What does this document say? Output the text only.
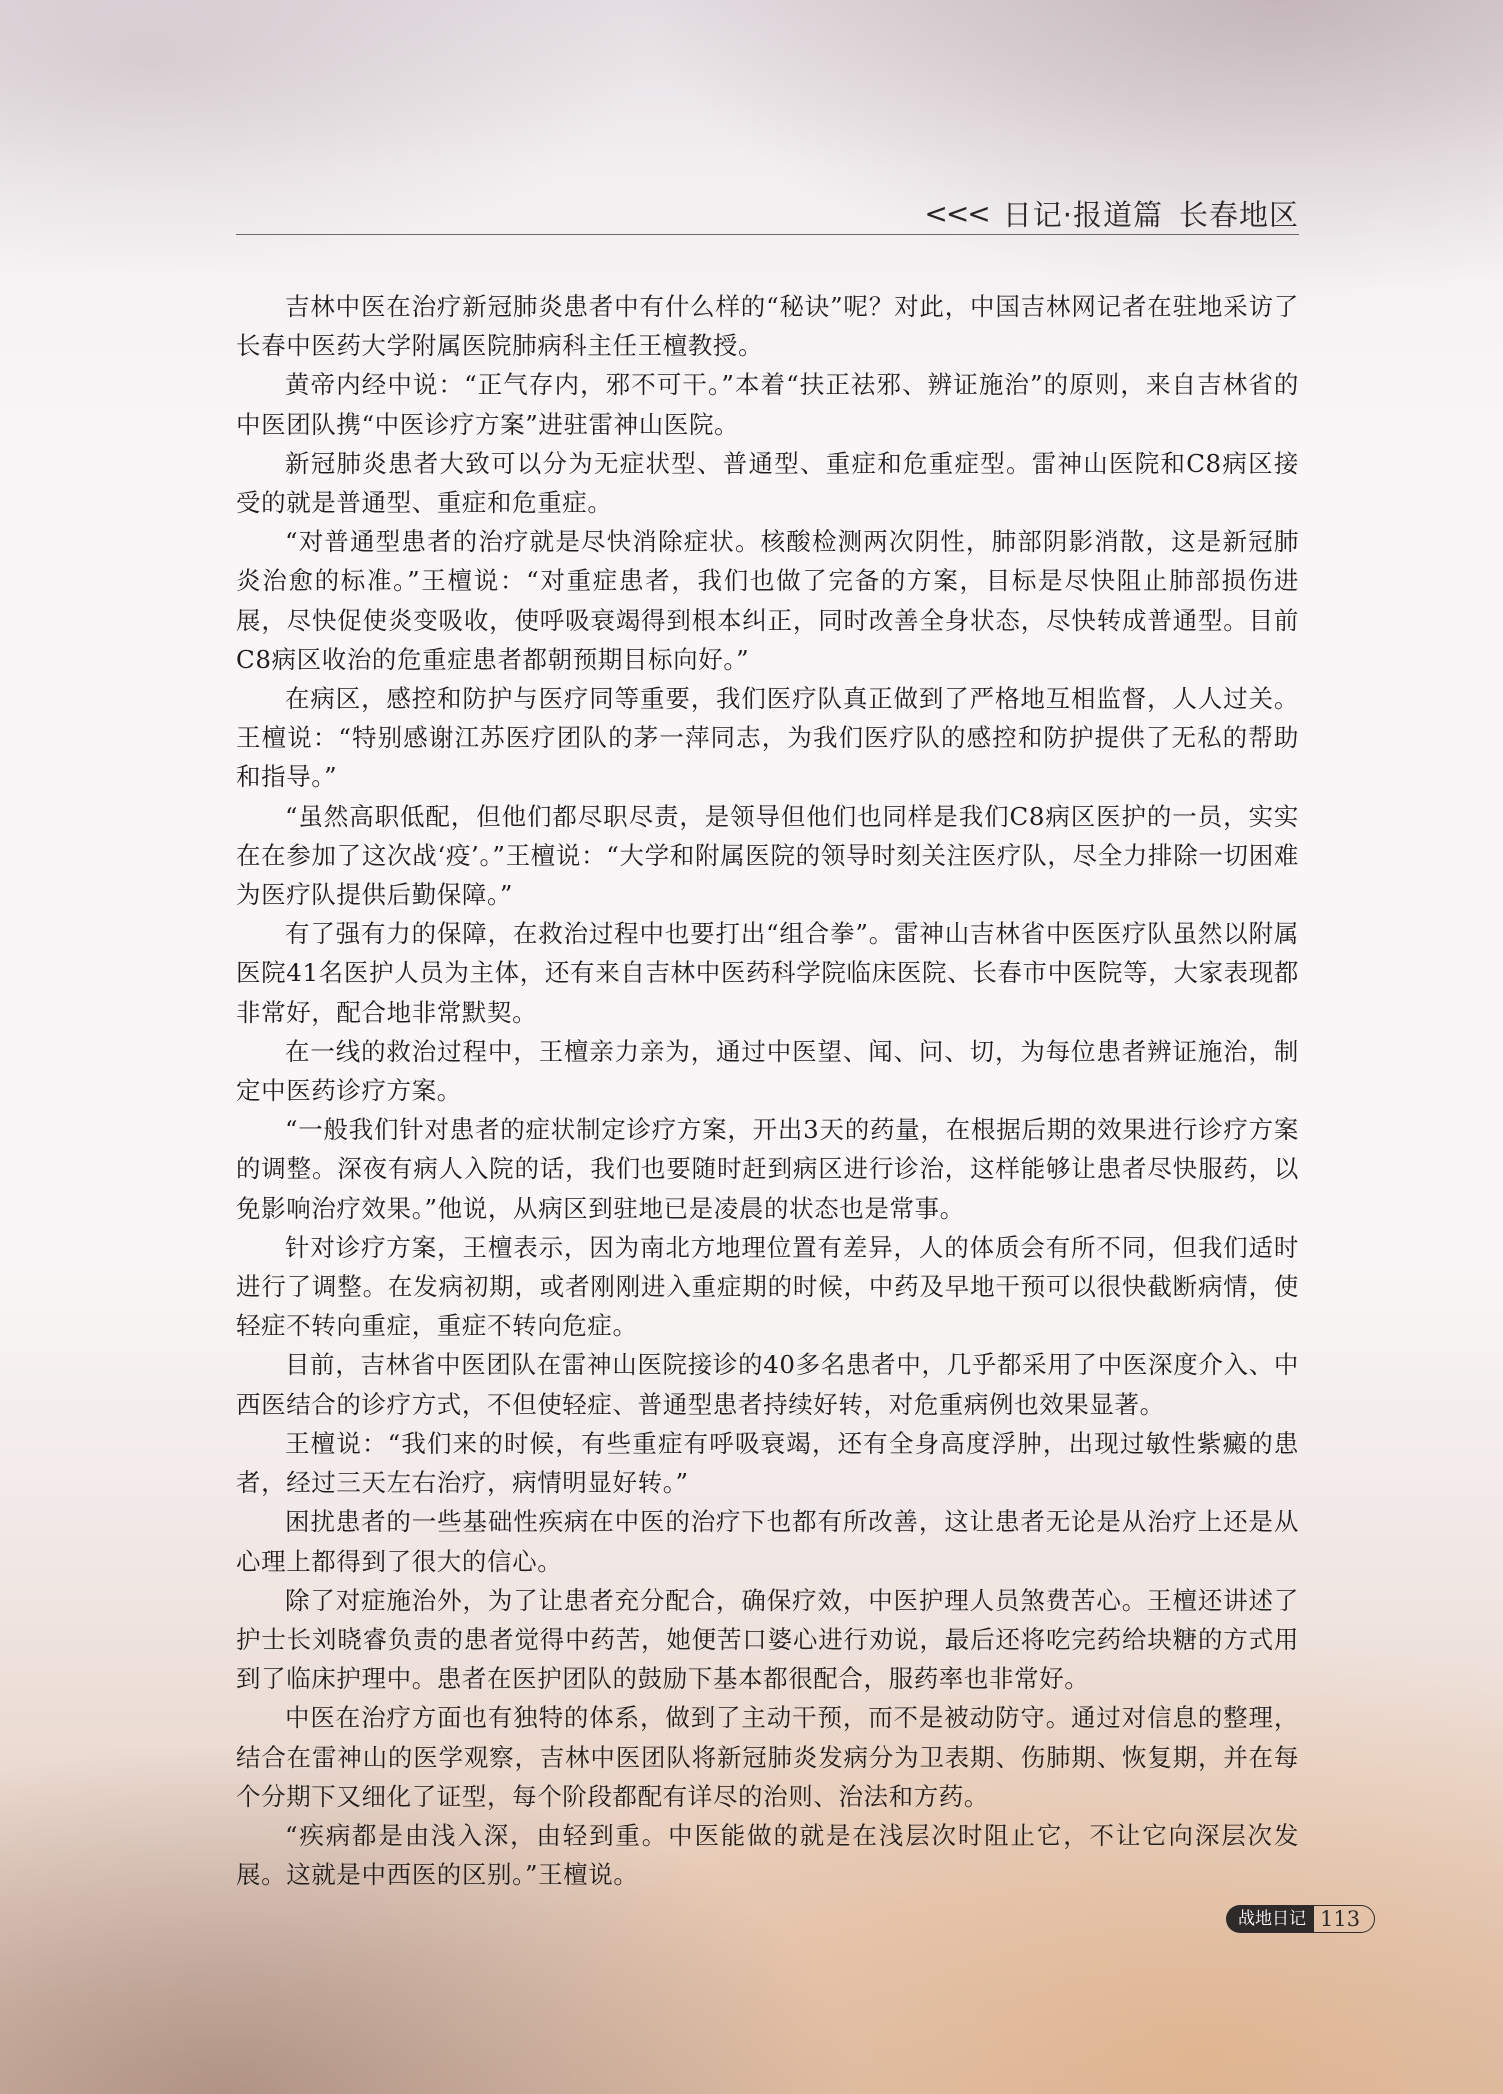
<<< 日记·报道篇 长春地区

吉林中医在治疗新冠肺炎患者中有什么样的“秘诀”呢？对此，中国吉林网记者在驻地采访了长春中医药大学附属医院肺病科主任王檀教授。

黄帝内经中说：“正气存内，邪不可干。”本着“扶正祛邪、辨证施治”的原则，来自吉林省的中医团队携“中医诊疗方案”进驻雷神山医院。

新冠肺炎患者大致可以分为无症状型、普通型、重症和危重症型。雷神山医院和C8病区接受的就是普通型、重症和危重症。

“对普通型患者的治疗就是尽快消除症状。核酸检测两次阴性，肺部阴影消散，这是新冠肺炎治愈的标准。”王檀说：“对重症患者，我们也做了完备的方案，目标是尽快阻止肺部损伤进展，尽快促使炎变吸收，使呼吸衰竭得到根本纠正，同时改善全身状态，尽快转成普通型。目前C8病区收治的危重症患者都朝预期目标向好。”

在病区，感控和防护与医疗同等重要，我们医疗队真正做到了严格地互相监督，人人过关。王檀说：“特别感谢江苏医疗团队的茅一萍同志，为我们医疗队的感控和防护提供了无私的帮助和指导。”

“虽然高职低配，但他们都尽职尽责，是领导但他们也同样是我们C8病区医护的一员，实实在在参加了这次战‘疫’。”王檀说：“大学和附属医院的领导时刻关注医疗队，尽全力排除一切困难为医疗队提供后勤保障。”

有了强有力的保障，在救治过程中也要打出“组合拳”。雷神山吉林省中医医疗队虽然以附属医院41名医护人员为主体，还有来自吉林中医药科学院临床医院、长春市中医院等，大家表现都非常好，配合地非常默契。

在一线的救治过程中，王檀亲力亲为，通过中医望、闻、问、切，为每位患者辨证施治，制定中医药诊疗方案。

“一般我们针对患者的症状制定诊疗方案，开出3天的药量，在根据后期的效果进行诊疗方案的调整。深夜有病人入院的话，我们也要随时赶到病区进行诊治，这样能够让患者尽快服药，以免影响治疗效果。”他说，从病区到驻地已是凌晨的状态也是常事。

针对诊疗方案，王檀表示，因为南北方地理位置有差异，人的体质会有所不同，但我们适时进行了调整。在发病初期，或者刚刚进入重症期的时候，中药及早地干预可以很快截断病情，使轻症不转向重症，重症不转向危症。

目前，吉林省中医团队在雷神山医院接诊的40多名患者中，几乎都采用了中医深度介入、中西医结合的诊疗方式，不但使轻症、普通型患者持续好转，对危重病例也效果显著。

王檀说：“我们来的时候，有些重症有呼吸衰竭，还有全身高度浮肿，出现过敏性紫癜的患者，经过三天左右治疗，病情明显好转。”

困扰患者的一些基础性疾病在中医的治疗下也都有所改善，这让患者无论是从治疗上还是从心理上都得到了很大的信心。

除了对症施治外，为了让患者充分配合，确保疗效，中医护理人员煞费苦心。王檀还讲述了护士长刘晓睿负责的患者觉得中药苦，她便苦口婆心进行劝说，最后还将吃完药给块糖的方式用到了临床护理中。患者在医护团队的鼓励下基本都很配合，服药率也非常好。

中医在治疗方面也有独特的体系，做到了主动干预，而不是被动防守。通过对信息的整理，结合在雷神山的医学观察，吉林中医团队将新冠肺炎发病分为卫表期、伤肺期、恢复期，并在每个分期下又细化了证型，每个阶段都配有详尽的治则、治法和方药。

“疾病都是由浅入深，由轻到重。中医能做的就是在浅层次时阻止它，不让它向深层次发展。这就是中西医的区别。”王檀说。

战地日记 113
